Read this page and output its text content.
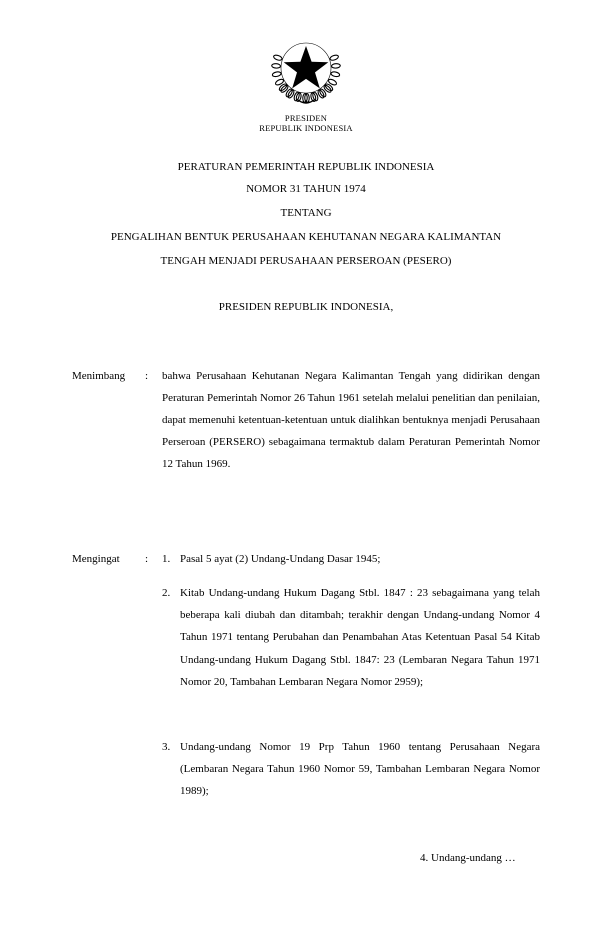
PRESIDEN
REPUBLIK INDONESIA
PERATURAN PEMERINTAH REPUBLIK INDONESIA
NOMOR 31 TAHUN 1974
TENTANG
PENGALIHAN BENTUK PERUSAHAAN KEHUTANAN NEGARA KALIMANTAN
TENGAH MENJADI PERUSAHAAN PERSEROAN (PESERO)
PRESIDEN REPUBLIK INDONESIA,
Menimbang : bahwa Perusahaan Kehutanan Negara Kalimantan Tengah yang didirikan dengan Peraturan Pemerintah Nomor 26 Tahun 1961 setelah melalui penelitian dan penilaian, dapat memenuhi ketentuan-ketentuan untuk dialihkan bentuknya menjadi Perusahaan Perseroan (PERSERO) sebagaimana termaktub dalam Peraturan Pemerintah Nomor 12 Tahun 1969.
Mengingat : 1. Pasal 5 ayat (2) Undang-Undang Dasar 1945;
2. Kitab Undang-undang Hukum Dagang Stbl. 1847 : 23 sebagaimana yang telah beberapa kali diubah dan ditambah; terakhir dengan Undang-undang Nomor 4 Tahun 1971 tentang Perubahan dan Penambahan Atas Ketentuan Pasal 54 Kitab Undang-undang Hukum Dagang Stbl. 1847: 23 (Lembaran Negara Tahun 1971 Nomor 20, Tambahan Lembaran Negara Nomor 2959);
3. Undang-undang Nomor 19 Prp Tahun 1960 tentang Perusahaan Negara (Lembaran Negara Tahun 1960 Nomor 59, Tambahan Lembaran Negara Nomor 1989);
4. Undang-undang …
